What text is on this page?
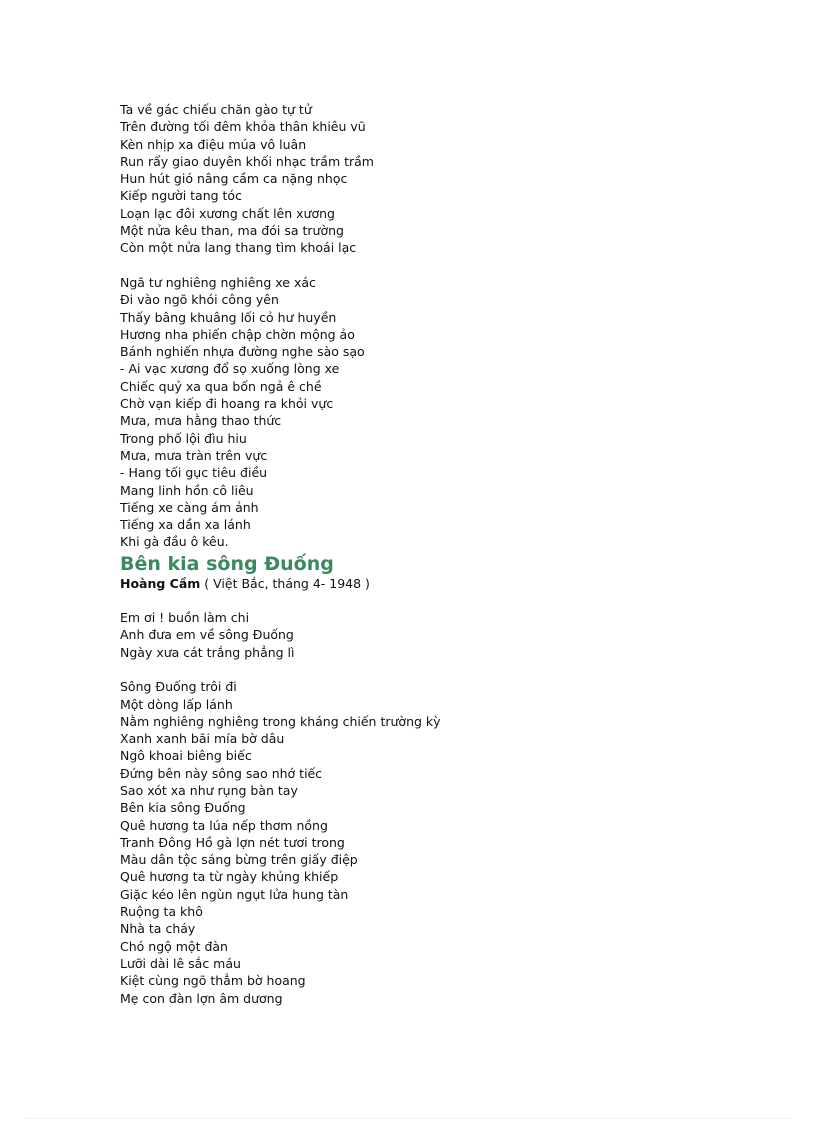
Ta về gác chiếu chăn gào tự tử
Trên đường tối đêm khỏa thân khiêu vũ
Kèn nhịp xa điệu múa vô luân
Run rẩy giao duyên khối nhạc trầm trầm
Hun hút gió nâng cầm ca nặng nhọc
Kiếp người tang tóc
Loạn lạc đôi xương chất lên xương
Một nửa kêu than, ma đói sa trường
Còn một nửa lang thang tìm khoái lạc
Ngã tư nghiêng nghiêng xe xác
Đi vào ngõ khói công yên
Thấy bâng khuâng lối cỏ hư huyền
Hương nha phiến chập chờn mộng ảo
Bánh nghiến nhựa đường nghe sào sạo
- Ai vạc xương đổ sọ xuống lòng xe
Chiếc quỷ xa qua bốn ngả ê chề
Chờ vạn kiếp đi hoang ra khỏi vực
Mưa, mưa hằng thao thức
Trong phố lội đìu hiu
Mưa, mưa tràn trên vực
- Hang tối gục tiêu điều
Mang linh hồn cô liêu
Tiếng xe càng ám ảnh
Tiếng xa dần xa lánh
Khi gà đầu ô kêu.
Bên kia sông Đuống
Hoàng Cầm ( Việt Bắc, tháng 4- 1948 )
Em ơi ! buồn làm chi
Anh đưa em về sông Đuống
Ngày xưa cát trắng phẳng lì
Sông Đuống trôi đi
Một dòng lấp lánh
Nằm nghiêng nghiêng trong kháng chiến trường kỳ
Xanh xanh bãi mía bờ dâu
Ngô khoai biêng biếc
Đứng bên này sông sao nhớ tiếc
Sao xót xa như rụng bàn tay
Bên kia sông Đuống
Quê hương ta lúa nếp thơm nồng
Tranh Đông Hồ gà lợn nét tươi trong
Màu dân tộc sáng bừng trên giấy điệp
Quê hương ta từ ngày khủng khiếp
Giặc kéo lên ngùn ngụt lửa hung tàn
Ruộng ta khô
Nhà ta cháy
Chó ngộ một đàn
Lưỡi dài lê sắc máu
Kiệt cùng ngõ thẳm bờ hoang
Mẹ con đàn lợn âm dương
